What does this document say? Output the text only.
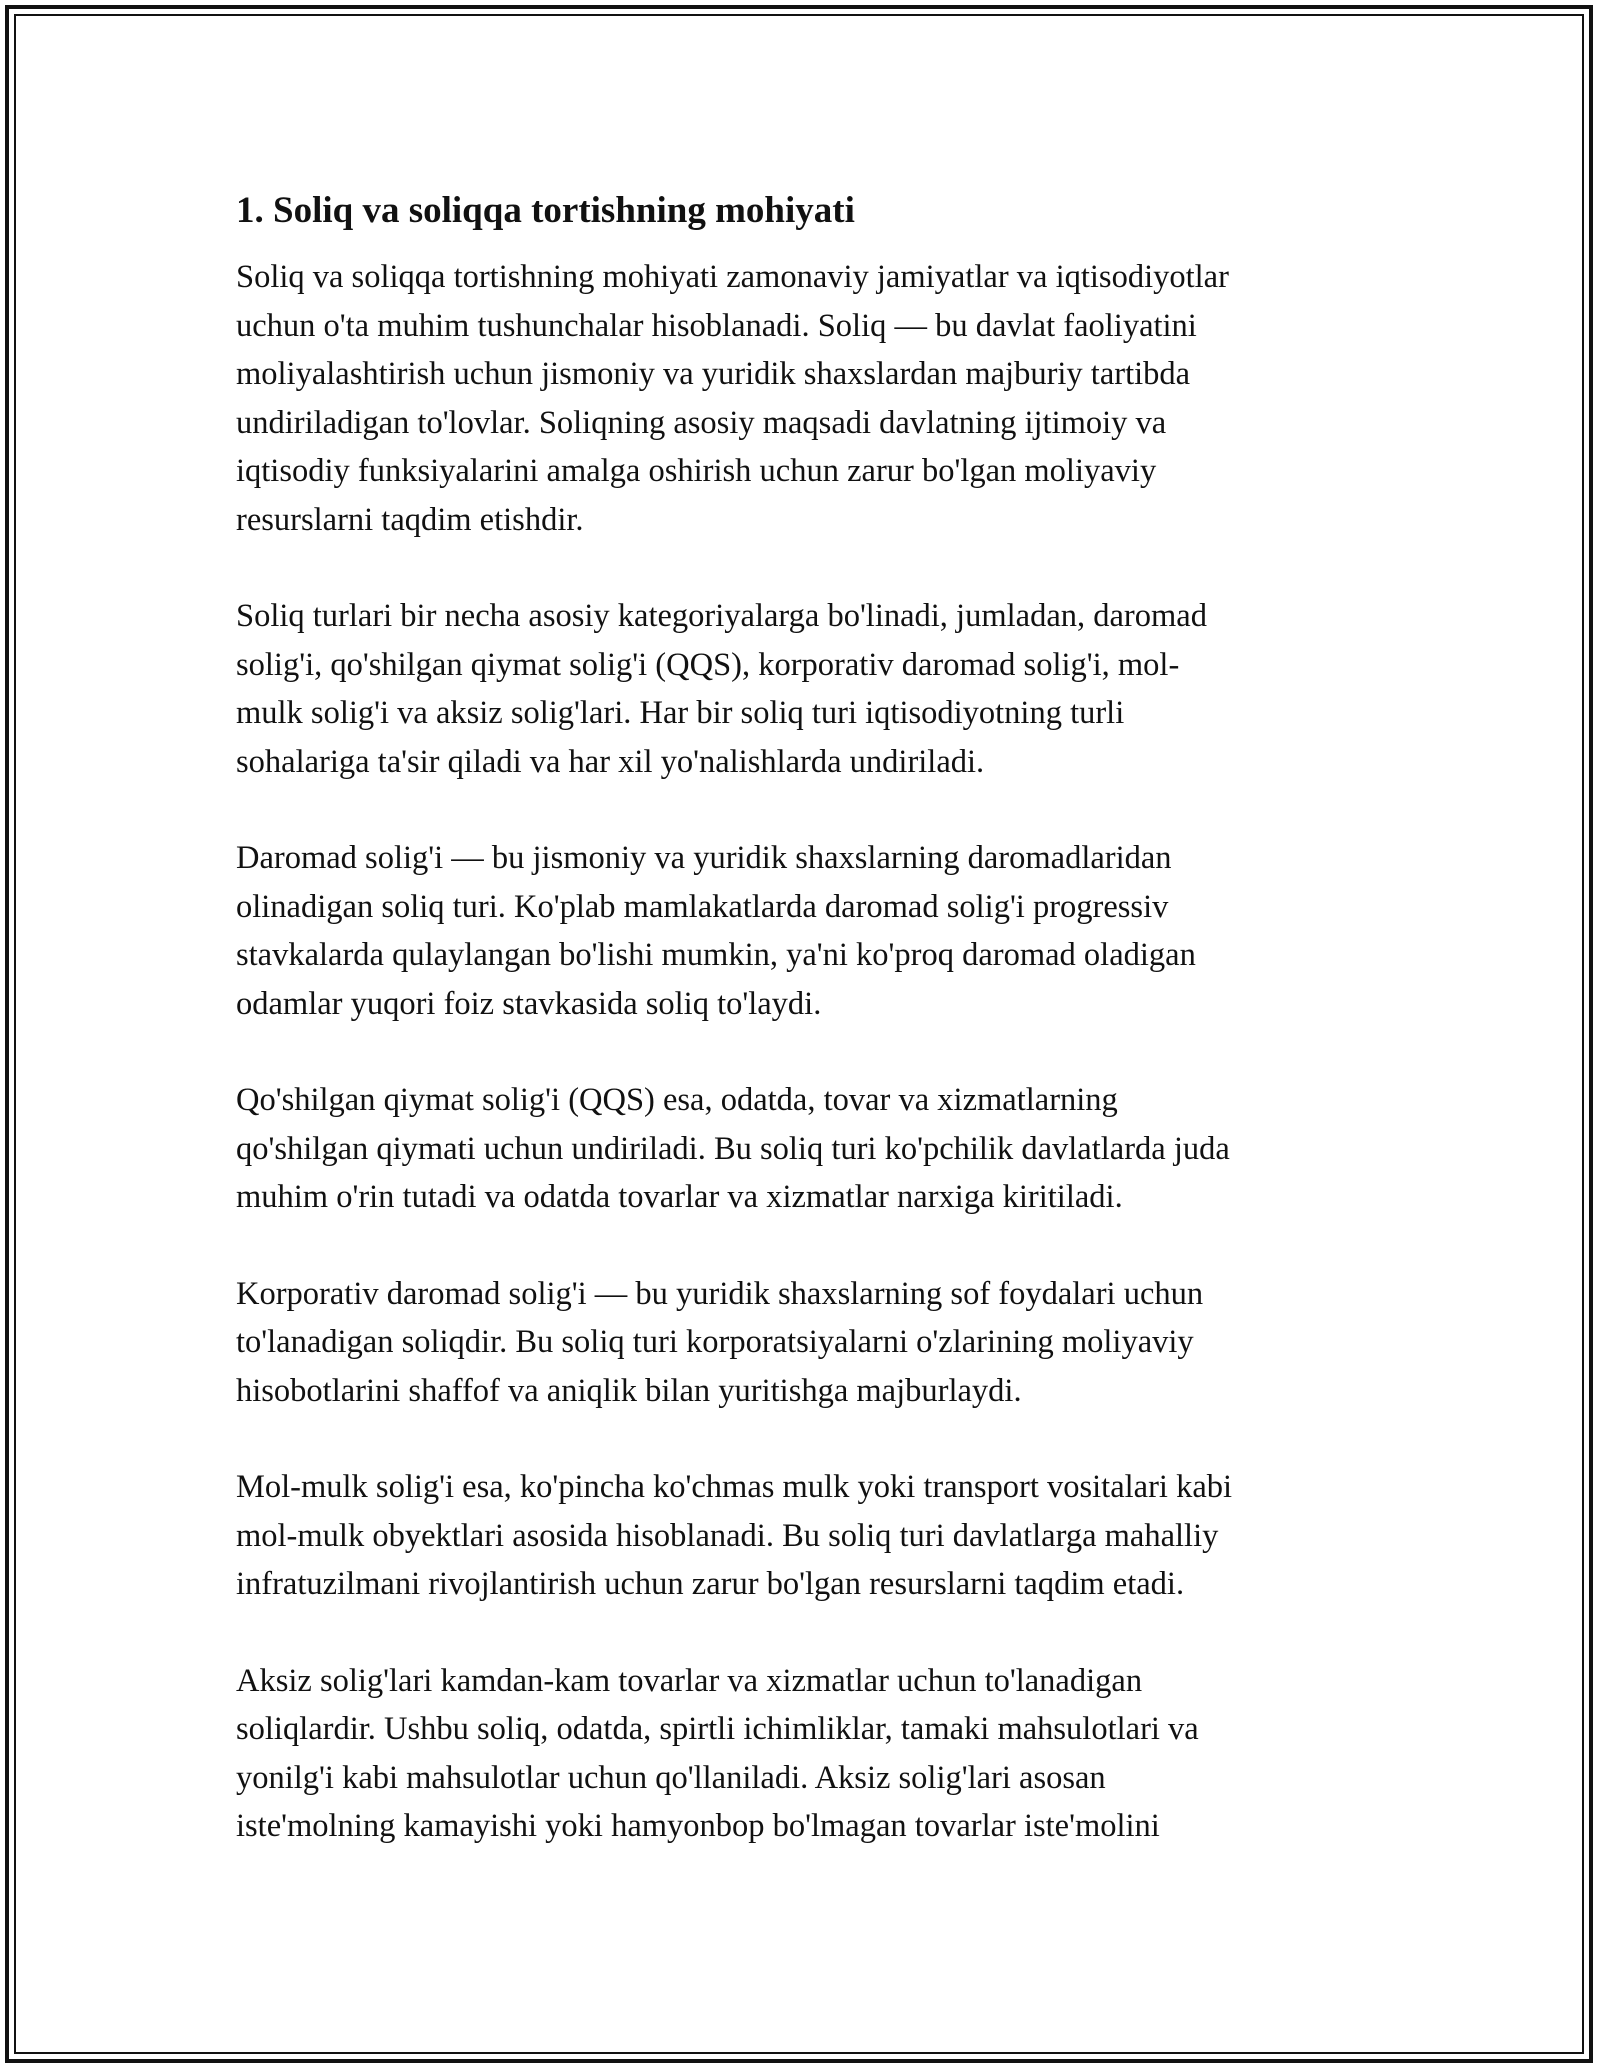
1. Soliq va soliqqa tortishning mohiyati

Soliq va soliqqa tortishning mohiyati zamonaviy jamiyatlar va iqtisodiyotlar
uchun o'ta muhim tushunchalar hisoblanadi. Soliq — bu davlat faoliyatini
moliyalashtirish uchun jismoniy va yuridik shaxslardan majburiy tartibda
undiriladigan to'lovlar. Soliqning asosiy maqsadi davlatning ijtimoiy va
iqtisodiy funksiyalarini amalga oshirish uchun zarur bo'lgan moliyaviy
resurslarni taqdim etishdir.

Soliq turlari bir necha asosiy kategoriyalarga bo'linadi, jumladan, daromad
solig'i, qo'shilgan qiymat solig'i (QQS), korporativ daromad solig'i, mol-
mulk solig'i va aksiz solig'lari. Har bir soliq turi iqtisodiyotning turli
sohalariga ta'sir qiladi va har xil yo'nalishlarda undiriladi.

Daromad solig'i — bu jismoniy va yuridik shaxslarning daromadlaridan
olinadigan soliq turi. Ko'plab mamlakatlarda daromad solig'i progressiv
stavkalarda qulaylangan bo'lishi mumkin, ya'ni ko'proq daromad oladigan
odamlar yuqori foiz stavkasida soliq to'laydi.

Qo'shilgan qiymat solig'i (QQS) esa, odatda, tovar va xizmatlarning
qo'shilgan qiymati uchun undiriladi. Bu soliq turi ko'pchilik davlatlarda juda
muhim o'rin tutadi va odatda tovarlar va xizmatlar narxiga kiritiladi.

Korporativ daromad solig'i — bu yuridik shaxslarning sof foydalari uchun
to'lanadigan soliqdir. Bu soliq turi korporatsiyalarni o'zlarining moliyaviy
hisobotlarini shaffof va aniqlik bilan yuritishga majburlaydi.

Mol-mulk solig'i esa, ko'pincha ko'chmas mulk yoki transport vositalari kabi
mol-mulk obyektlari asosida hisoblanadi. Bu soliq turi davlatlarga mahalliy
infratuzilmani rivojlantirish uchun zarur bo'lgan resurslarni taqdim etadi.

Aksiz solig'lari kamdan-kam tovarlar va xizmatlar uchun to'lanadigan
soliqlardir. Ushbu soliq, odatda, spirtli ichimliklar, tamaki mahsulotlari va
yonilg'i kabi mahsulotlar uchun qo'llaniladi. Aksiz solig'lari asosan
iste'molning kamayishi yoki hamyonbop bo'lmagan tovarlar iste'molini
